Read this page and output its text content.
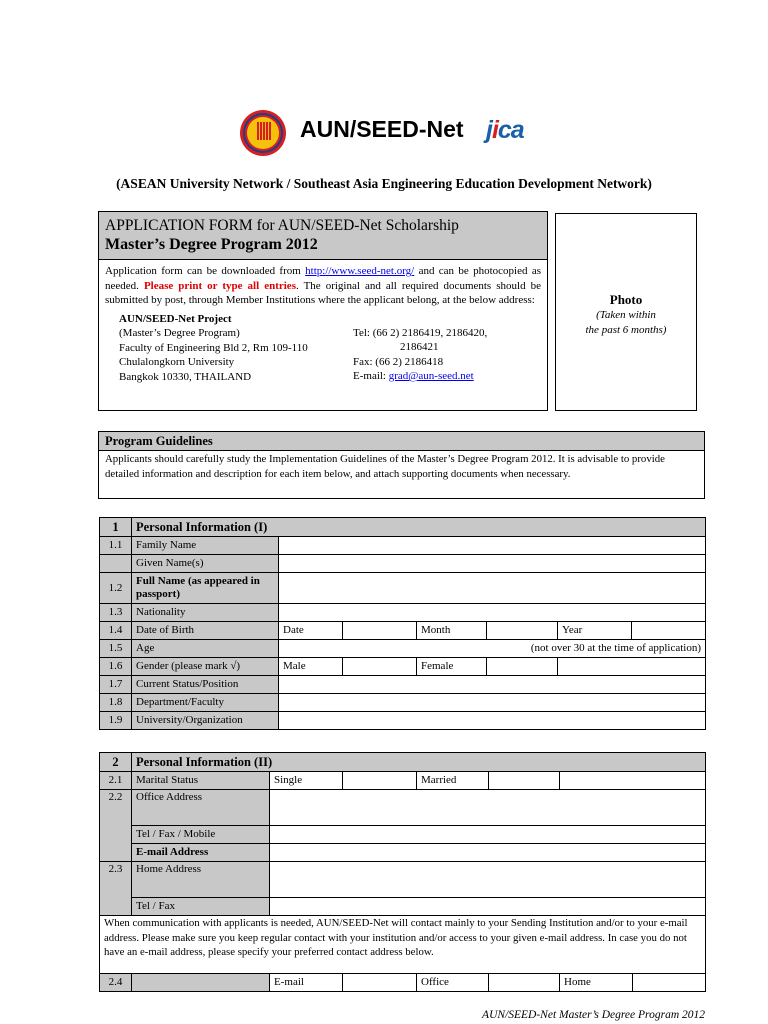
AUN/SEED-Net jica
(ASEAN University Network / Southeast Asia Engineering Education Development Network)
APPLICATION FORM for AUN/SEED-Net Scholarship
Master’s Degree Program 2012
Application form can be downloaded from http://www.seed-net.org/ and can be photocopied as needed. Please print or type all entries. The original and all required documents should be submitted by post, through Member Institutions where the applicant belong, at the below address:
AUN/SEED-Net Project
(Master’s Degree Program)
Faculty of Engineering Bld 2, Rm 109-110
Chulalongkorn University
Bangkok 10330, THAILAND
Tel: (66 2) 2186419, 2186420,
2186421
Fax: (66 2) 2186418
E-mail: grad@aun-seed.net
Photo
(Taken within
the past 6 months)
Program Guidelines
Applicants should carefully study the Implementation Guidelines of the Master’s Degree Program 2012. It is advisable to provide detailed information and description for each item below, and attach supporting documents when necessary.
1	Personal Information (I)						
1.1	Family Name						
	Given Name(s)						
1.2	Full Name (as appeared in passport)						
1.3	Nationality						
1.4	Date of Birth	Date		Month		Year	
1.5	Age	(not over 30 at the time of application)					
1.6	Gender (please mark √)	Male		Female			
1.7	Current Status/Position						
1.8	Department/Faculty						
1.9	University/Organization						
2	Personal Information (II)						
2.1	Marital Status	Single		Married			
2.2	Office Address						
	Tel / Fax / Mobile						
	E-mail Address						
2.3	Home Address						
	Tel / Fax						
When communication with applicants is needed, AUN/SEED-Net will contact mainly to your Sending Institution and/or to your e-mail address. Please make sure you keep regular contact with your institution and/or access to your given e-mail address. In case you do not have an e-mail address, please specify your preferred contact address below.							
2.4		E-mail		Office		Home	
AUN/SEED-Net Master’s Degree Program 2012
